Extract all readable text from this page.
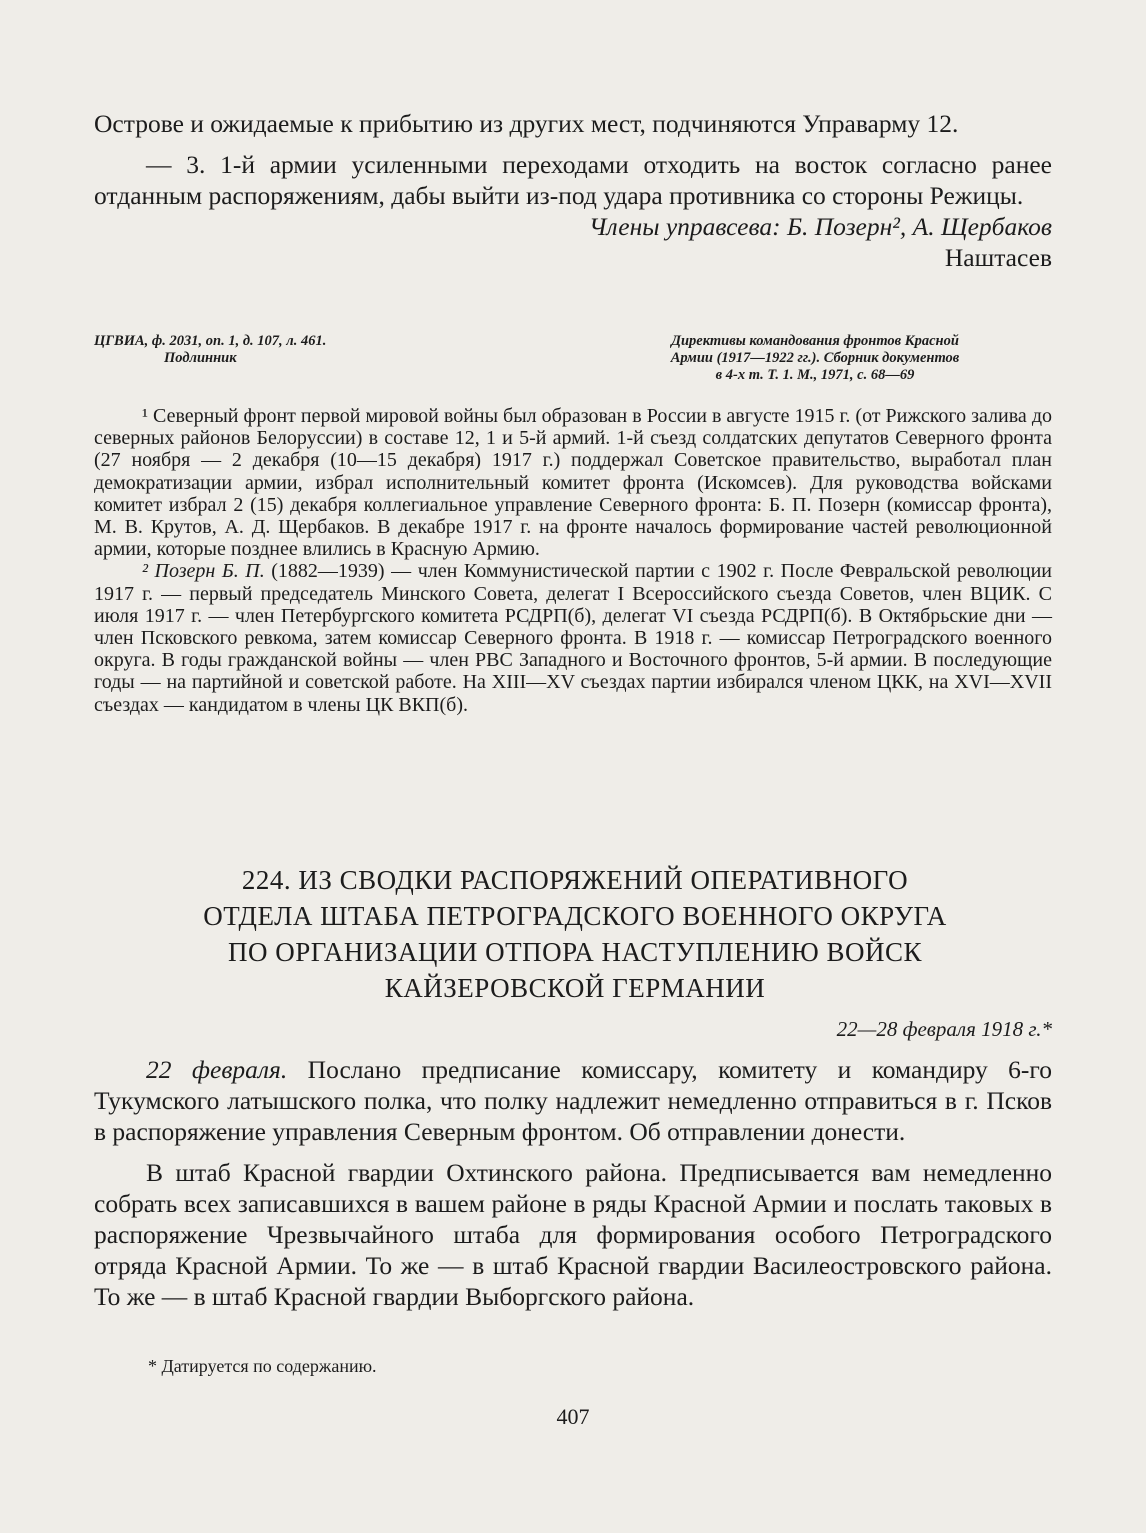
Острове и ожидаемые к прибытию из других мест, подчиняются Управарму 12.

— 3. 1-й армии усиленными переходами отходить на восток согласно ранее отданным распоряжениям, дабы выйти из-под удара противника со стороны Режицы.

Члены управсева: Б. Позерн², А. Щербаков

Наштасев

ЦГВИА, ф. 2031, оп. 1, д. 107, л. 461.
Подлинник
Директивы командования фронтов Красной
Армии (1917—1922 гг.). Сборник документов
в 4-х т. Т. 1. М., 1971, с. 68—69

¹ Северный фронт первой мировой войны был образован в России в августе 1915 г. (от Рижского залива до северных районов Белоруссии) в составе 12, 1 и 5-й армий. 1-й съезд солдатских депутатов Северного фронта (27 ноября — 2 декабря (10—15 декабря) 1917 г.) поддержал Советское правительство, выработал план демократизации армии, избрал исполнительный комитет фронта (Искомсев). Для руководства войсками комитет избрал 2 (15) декабря коллегиальное управление Северного фронта: Б. П. Позерн (комиссар фронта), М. В. Крутов, А. Д. Щербаков. В декабре 1917 г. на фронте началось формирование частей революционной армии, которые позднее влились в Красную Армию.

² Позерн Б. П. (1882—1939) — член Коммунистической партии с 1902 г. После Февральской революции 1917 г. — первый председатель Минского Совета, делегат I Всероссийского съезда Советов, член ВЦИК. С июля 1917 г. — член Петербургского комитета РСДРП(б), делегат VI съезда РСДРП(б). В Октябрьские дни — член Псковского ревкома, затем комиссар Северного фронта. В 1918 г. — комиссар Петроградского военного округа. В годы гражданской войны — член РВС Западного и Восточного фронтов, 5-й армии. В последующие годы — на партийной и советской работе. На XIII—XV съездах партии избирался членом ЦКК, на XVI—XVII съездах — кандидатом в члены ЦК ВКП(б).

224. ИЗ СВОДКИ РАСПОРЯЖЕНИЙ ОПЕРАТИВНОГО
ОТДЕЛА ШТАБА ПЕТРОГРАДСКОГО ВОЕННОГО ОКРУГА
ПО ОРГАНИЗАЦИИ ОТПОРА НАСТУПЛЕНИЮ ВОЙСК
КАЙЗЕРОВСКОЙ ГЕРМАНИИ
22—28 февраля 1918 г.*

22 февраля. Послано предписание комиссару, комитету и командиру 6-го Тукумского латышского полка, что полку надлежит немедленно отправиться в г. Псков в распоряжение управления Северным фронтом. Об отправлении донести.

В штаб Красной гвардии Охтинского района. Предписывается вам немедленно собрать всех записавшихся в вашем районе в ряды Красной Армии и послать таковых в распоряжение Чрезвычайного штаба для формирования особого Петроградского отряда Красной Армии. То же — в штаб Красной гвардии Василеостровского района. То же — в штаб Красной гвардии Выборгского района.

* Датируется по содержанию.
407
